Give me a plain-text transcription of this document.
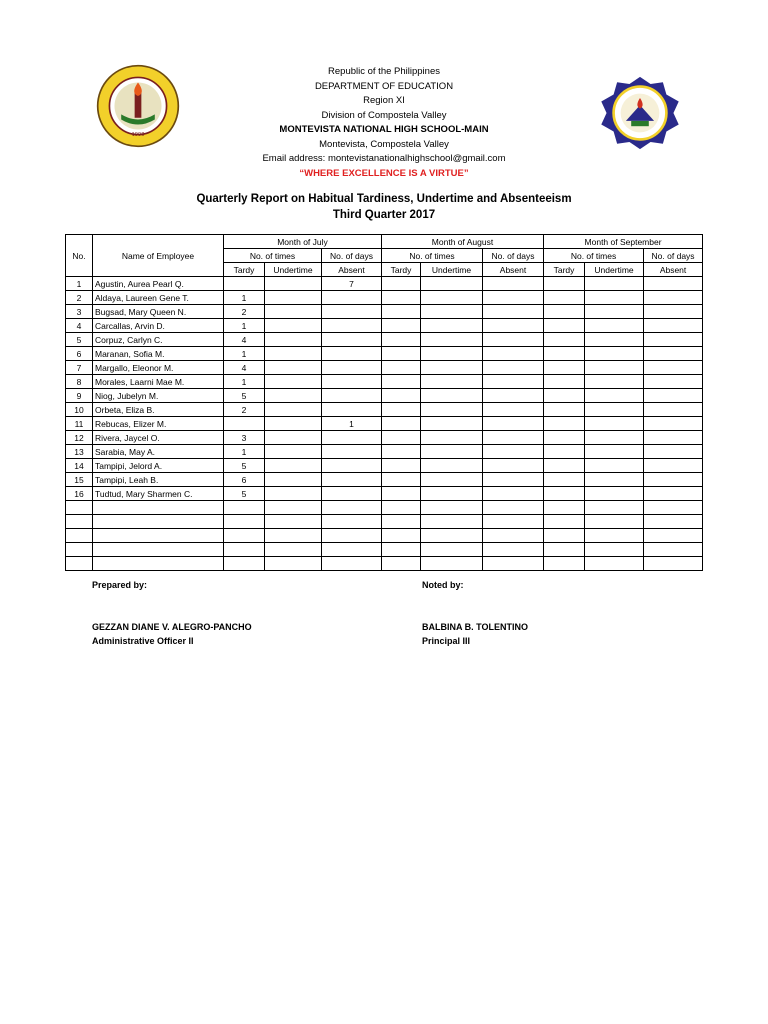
1998
Republic of the Philippines
DEPARTMENT OF EDUCATION
Region XI
Division of Compostela Valley
MONTEVISTA NATIONAL HIGH SCHOOL-MAIN
Montevista, Compostela Valley
Email address: montevistanationalhighschool@gmail.com
“WHERE EXCELLENCE IS A VIRTUE”
Quarterly Report on Habitual Tardiness, Undertime and Absenteeism
Third Quarter 2017
No.	Name of Employee	Month of July			Month of August			Month of September		
		No. of times		No. of days	No. of times		No. of days	No. of times		No. of days
		Tardy	Undertime	Absent	Tardy	Undertime	Absent	Tardy	Undertime	Absent
1	Agustin, Aurea Pearl Q.			7						
2	Aldaya, Laureen Gene T.	1								
3	Bugsad, Mary Queen N.	2								
4	Carcallas, Arvin D.	1								
5	Corpuz, Carlyn C.	4								
6	Maranan, Sofia M.	1								
7	Margallo, Eleonor M.	4								
8	Morales, Laarni Mae M.	1								
9	Niog, Jubelyn M.	5								
10	Orbeta, Eliza B.	2								
11	Rebucas, Elizer M.			1						
12	Rivera, Jaycel O.	3								
13	Sarabia, May A.	1								
14	Tampipi, Jelord A.	5								
15	Tampipi, Leah B.	6								
16	Tudtud, Mary Sharmen C.	5								

Prepared by:	Noted by:
GEZZAN DIANE V. ALEGRO-PANCHO
Administrative Officer II
BALBINA B. TOLENTINO
Principal III
